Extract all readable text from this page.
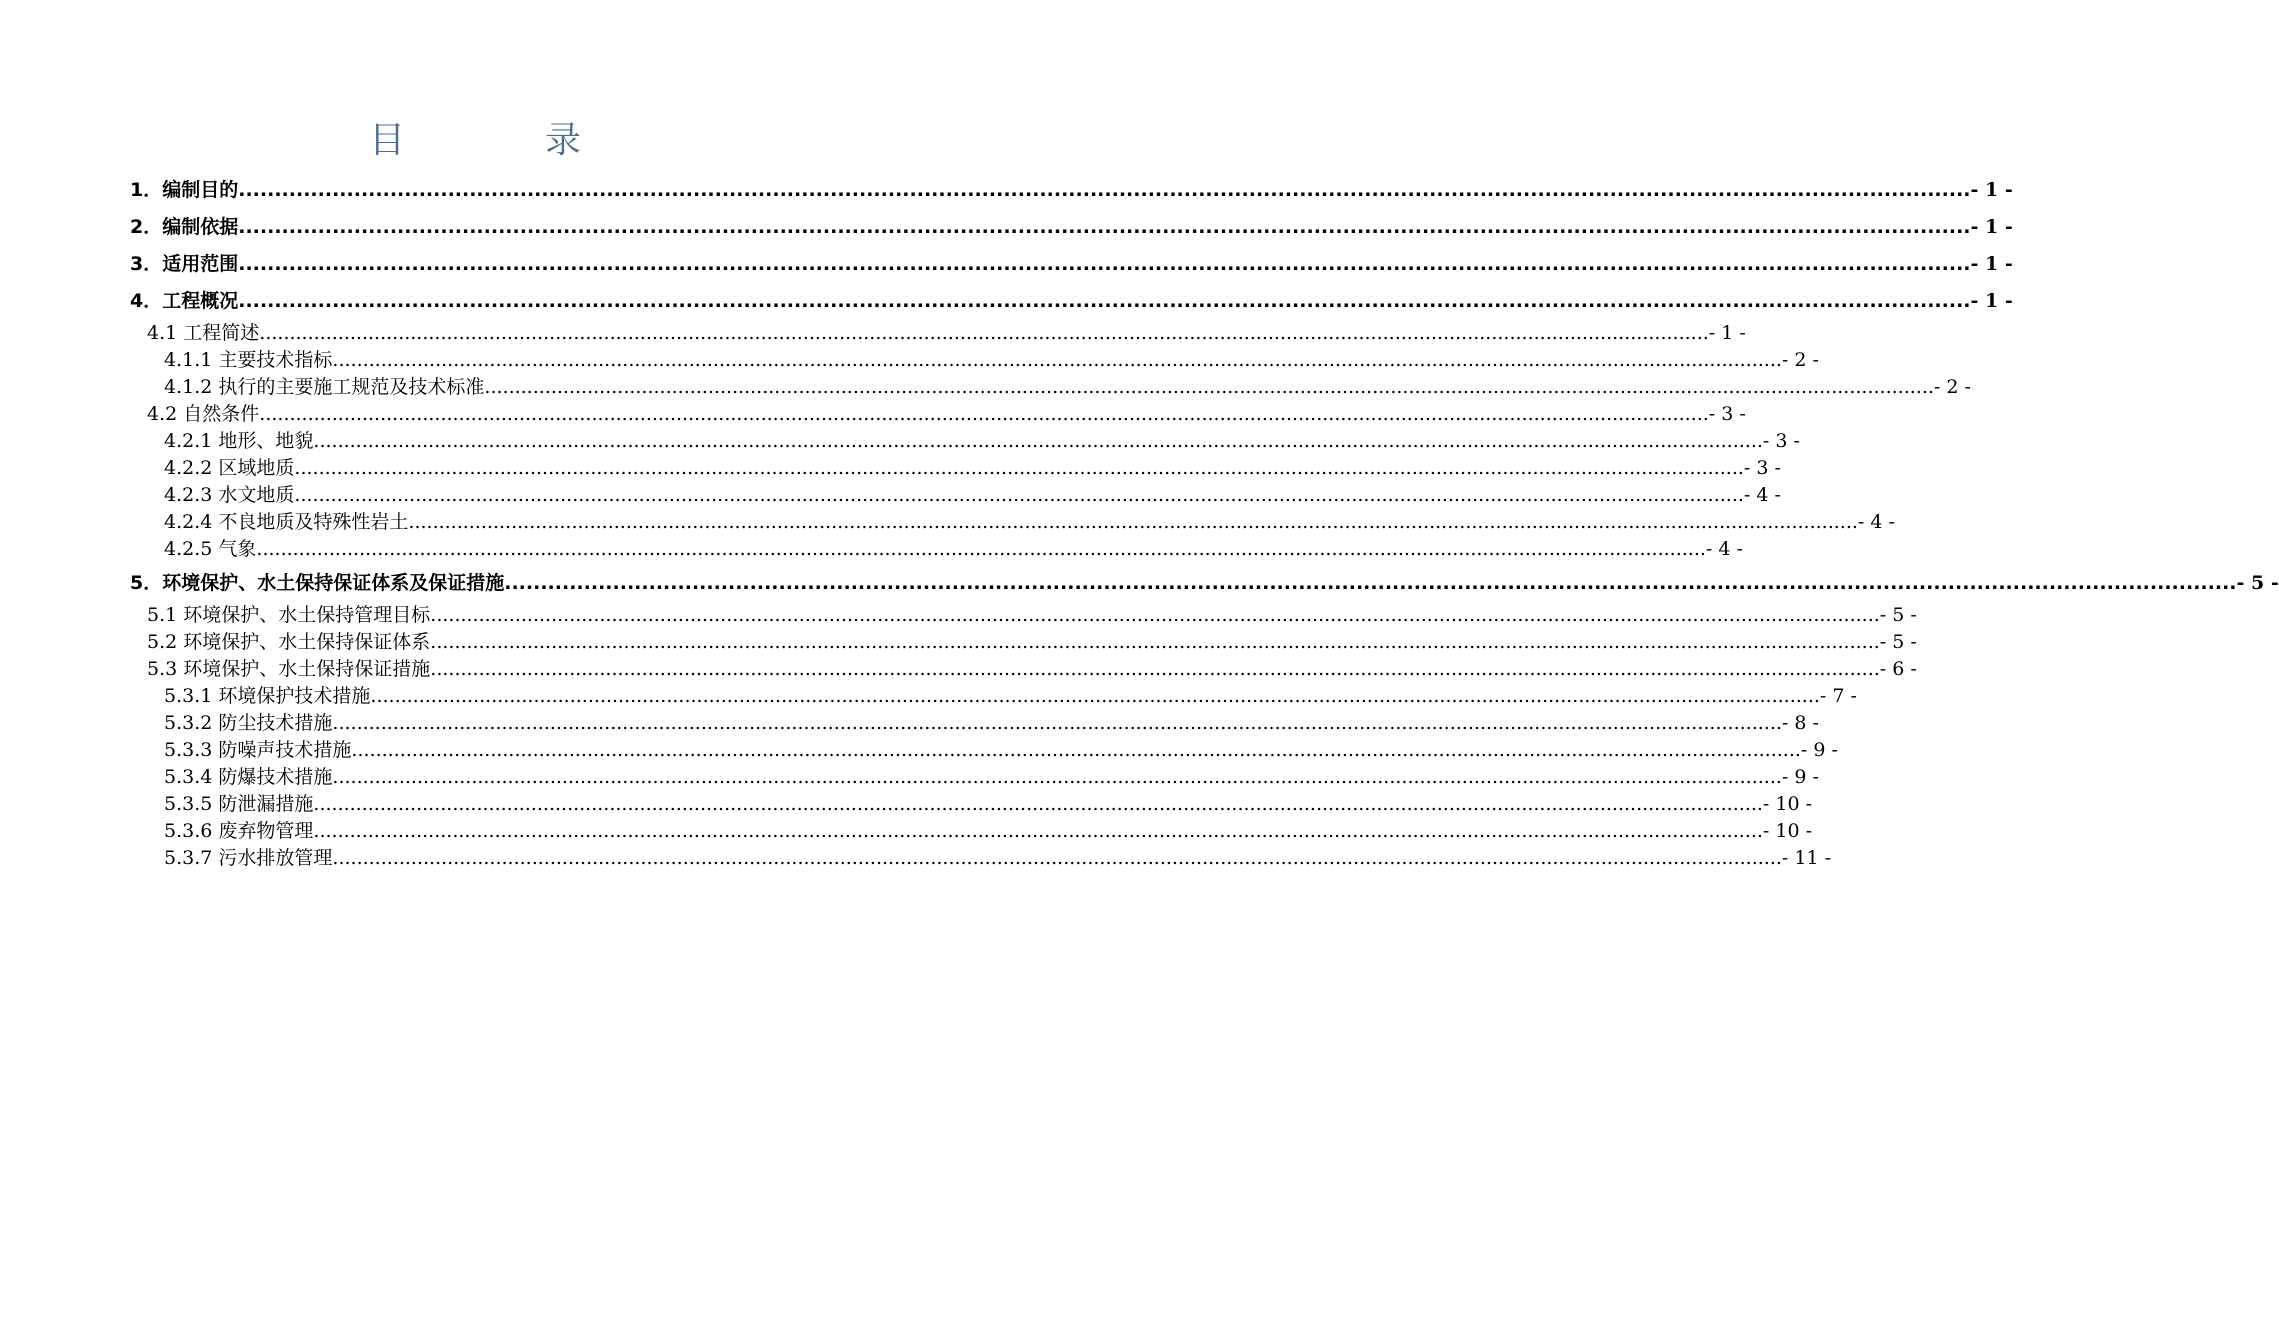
目　录
1．编制目的 ................................................................................................................................................................................................................................................ - 1 -
2．编制依据 ................................................................................................................................................................................................................................................ - 1 -
3．适用范围 ................................................................................................................................................................................................................................................ - 1 -
4．工程概况 ................................................................................................................................................................................................................................................ - 1 -
4.1 工程简述 ................................................................................................................................................................................................................................................ - 1 -
4.1.1 主要技术指标 ................................................................................................................................................................................................................................................ - 2 -
4.1.2 执行的主要施工规范及技术标准 ................................................................................................................................................................................................................................................ - 2 -
4.2 自然条件 ................................................................................................................................................................................................................................................ - 3 -
4.2.1 地形、地貌 ................................................................................................................................................................................................................................................ - 3 -
4.2.2 区域地质 ................................................................................................................................................................................................................................................ - 3 -
4.2.3 水文地质 ................................................................................................................................................................................................................................................ - 4 -
4.2.4 不良地质及特殊性岩土 ................................................................................................................................................................................................................................................ - 4 -
4.2.5 气象 ................................................................................................................................................................................................................................................ - 4 -
5．环境保护、水土保持保证体系及保证措施 ................................................................................................................................................................................................................................................ - 5 -
5.1 环境保护、水土保持管理目标 ................................................................................................................................................................................................................................................ - 5 -
5.2 环境保护、水土保持保证体系 ................................................................................................................................................................................................................................................ - 5 -
5.3 环境保护、水土保持保证措施 ................................................................................................................................................................................................................................................ - 6 -
5.3.1 环境保护技术措施 ................................................................................................................................................................................................................................................ - 7 -
5.3.2 防尘技术措施 ................................................................................................................................................................................................................................................ - 8 -
5.3.3 防噪声技术措施 ................................................................................................................................................................................................................................................ - 9 -
5.3.4 防爆技术措施 ................................................................................................................................................................................................................................................ - 9 -
5.3.5 防泄漏措施 ................................................................................................................................................................................................................................................ - 10 -
5.3.6 废弃物管理 ................................................................................................................................................................................................................................................ - 10 -
5.3.7 污水排放管理 ................................................................................................................................................................................................................................................ - 11 -
